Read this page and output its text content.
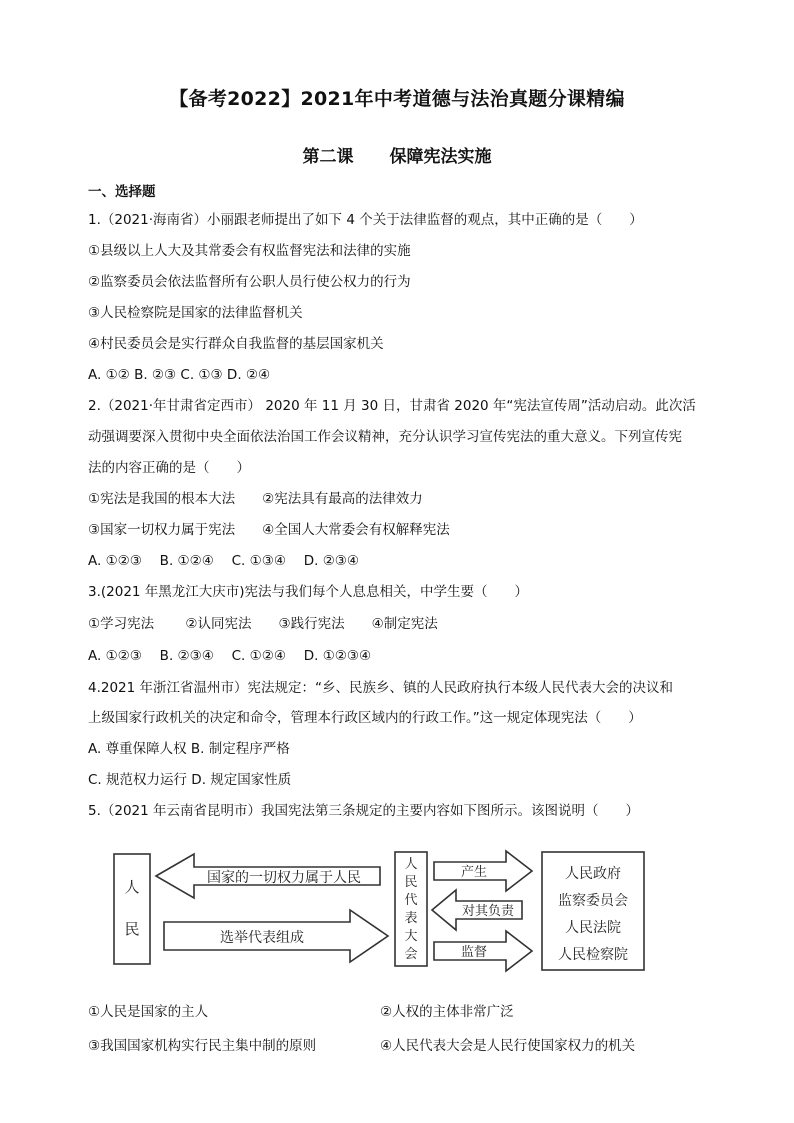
【备考2022】2021年中考道德与法治真题分课精编
第二课 保障宪法实施
一、选择题
1.（2021·海南省）小丽跟老师提出了如下 4 个关于法律监督的观点，其中正确的是（　　）
①县级以上人大及其常委会有权监督宪法和法律的实施
②监察委员会依法监督所有公职人员行使公权力的行为
③人民检察院是国家的法律监督机关
④村民委员会是实行群众自我监督的基层国家机关
A. ①② B. ②③ C. ①③ D. ②④
2.（2021·年甘肃省定西市） 2020 年 11 月 30 日，甘肃省 2020 年“宪法宣传周”活动启动。此次活
动强调要深入贯彻中央全面依法治国工作会议精神，充分认识学习宣传宪法的重大意义。下列宣传宪
法的内容正确的是（　　）
①宪法是我国的根本大法　　②宪法具有最高的法律效力
③国家一切权力属于宪法　　④全国人大常委会有权解释宪法
A. ①②③　 B. ①②④　 C. ①③④　 D. ②③④
3.(2021 年黑龙江大庆市)宪法与我们每个人息息相关，中学生要（　　）
①学习宪法　　 ②认同宪法　　③践行宪法　　④制定宪法
A. ①②③　 B. ②③④　 C. ①②④　 D. ①②③④
4.2021 年浙江省温州市）宪法规定：“乡、民族乡、镇的人民政府执行本级人民代表大会的决议和
上级国家行政机关的决定和命令，管理本行政区域内的行政工作。”这一规定体现宪法（　　）
A. 尊重保障人权 B. 制定程序严格
C. 规范权力运行 D. 规定国家性质
5.（2021 年云南省昆明市）我国宪法第三条规定的主要内容如下图所示。该图说明（　　）
人
民
国家的一切权力属于人民
选举代表组成
人
民
代
表
大
会
产生
对其负责
监督
人民政府
监察委员会
人民法院
人民检察院
①人民是国家的主人	②人权的主体非常广泛
③我国国家机构实行民主集中制的原则	④人民代表大会是人民行使国家权力的机关
